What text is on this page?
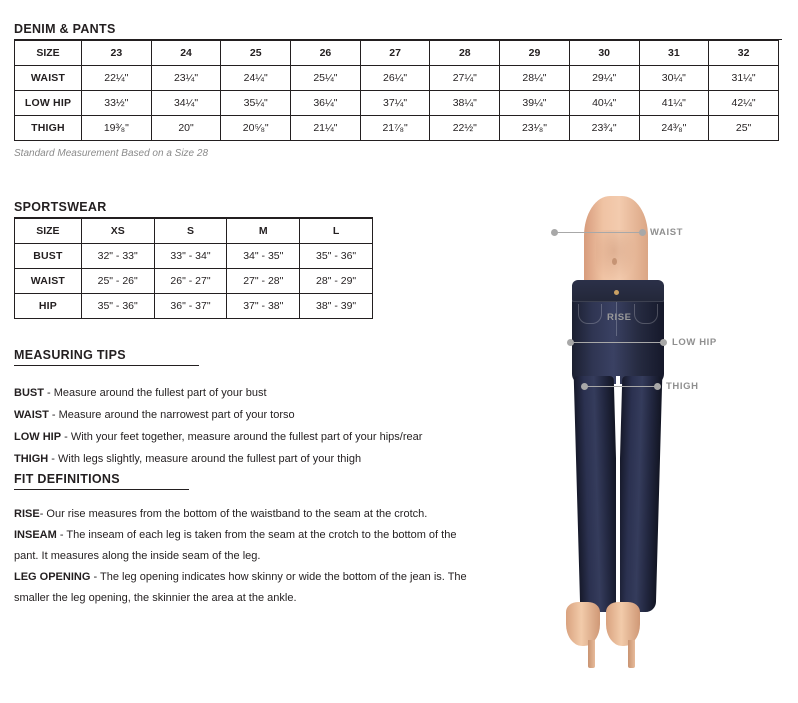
DENIM & PANTS
SIZE	23	24	25	26	27	28	29	30	31	32
WAIST	22¼"	23¼"	24¼"	25¼"	26¼"	27¼"	28¼"	29¼"	30¼"	31¼"
LOW HIP	33½"	34¼"	35¼"	36¼"	37¼"	38¼"	39¼"	40¼"	41¼"	42¼"
THIGH	19³⁄₈"	20"	20⁵⁄₈"	21¼"	21⁷⁄₈"	22½"	23¹⁄₈"	23³⁄₄"	24³⁄₈"	25"
Standard Measurement Based on a Size 28
SPORTSWEAR
SIZE	XS	S	M	L
BUST	32" - 33"	33" - 34"	34" - 35"	35" - 36"
WAIST	25" - 26"	26" - 27"	27" - 28"	28" - 29"
HIP	35" - 36"	36" - 37"	37" - 38"	38" - 39"
MEASURING TIPS
BUST - Measure around the fullest part of your bust
WAIST - Measure around the narrowest part of your torso
LOW HIP - With your feet together, measure around the fullest part of your hips/rear
THIGH - With legs slightly, measure around the fullest part of your thigh
FIT DEFINITIONS

RISE- Our rise measures from the bottom of the waistband to the seam at the crotch.

INSEAM - The inseam of each leg is taken from the seam at the crotch to the bottom of the pant. It measures along the inside seam of the leg.

LEG OPENING - The leg opening indicates how skinny or wide the bottom of the jean is. The smaller the leg opening, the skinnier the area at the ankle.

WAIST
LOW HIP
THIGH
RISE
INSEAM
